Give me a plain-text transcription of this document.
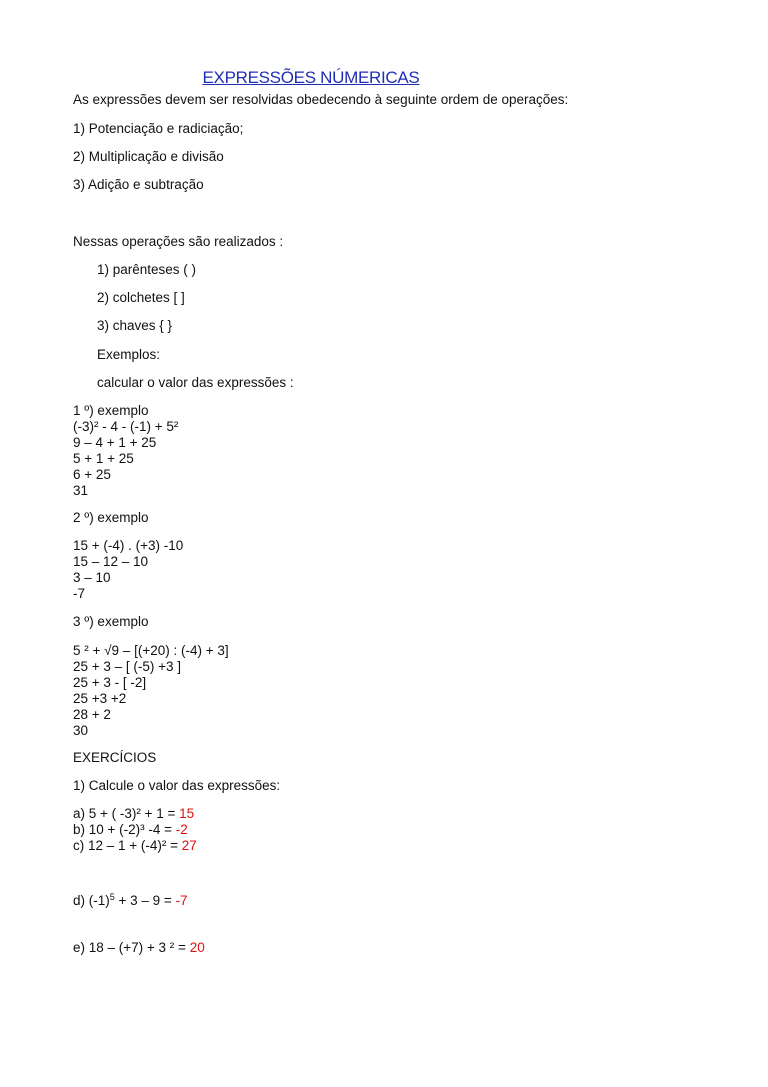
EXPRESSÕES NÚMERICAS
As expressões devem ser resolvidas obedecendo à seguinte ordem de operações:
1) Potenciação e radiciação;
2) Multiplicação e divisão
3) Adição e subtração
Nessas operações são realizados :
1) parênteses ( )
2) colchetes [ ]
3) chaves { }
Exemplos:
calcular o valor das expressões :
1 º) exemplo
(-3)² - 4 - (-1) + 5²
9 – 4 + 1 + 25
5 + 1 + 25
6 + 25
31
2 º) exemplo
15 + (-4) . (+3) -10
15 – 12 – 10
3 – 10
-7
3 º) exemplo
5 ² + √9 – [(+20) : (-4) + 3]
25 + 3 – [ (-5) +3 ]
25 + 3 - [ -2]
25 +3 +2
28 + 2
30
EXERCÍCIOS
1) Calcule o valor das expressões:
a) 5 + ( -3)² + 1 = 15
b) 10 + (-2)³ -4 = -2
c) 12 – 1 + (-4)² = 27
d) $(-1)^5 + 3 - 9 = -7$
e) 18 – (+7) + 3 ² = 20
